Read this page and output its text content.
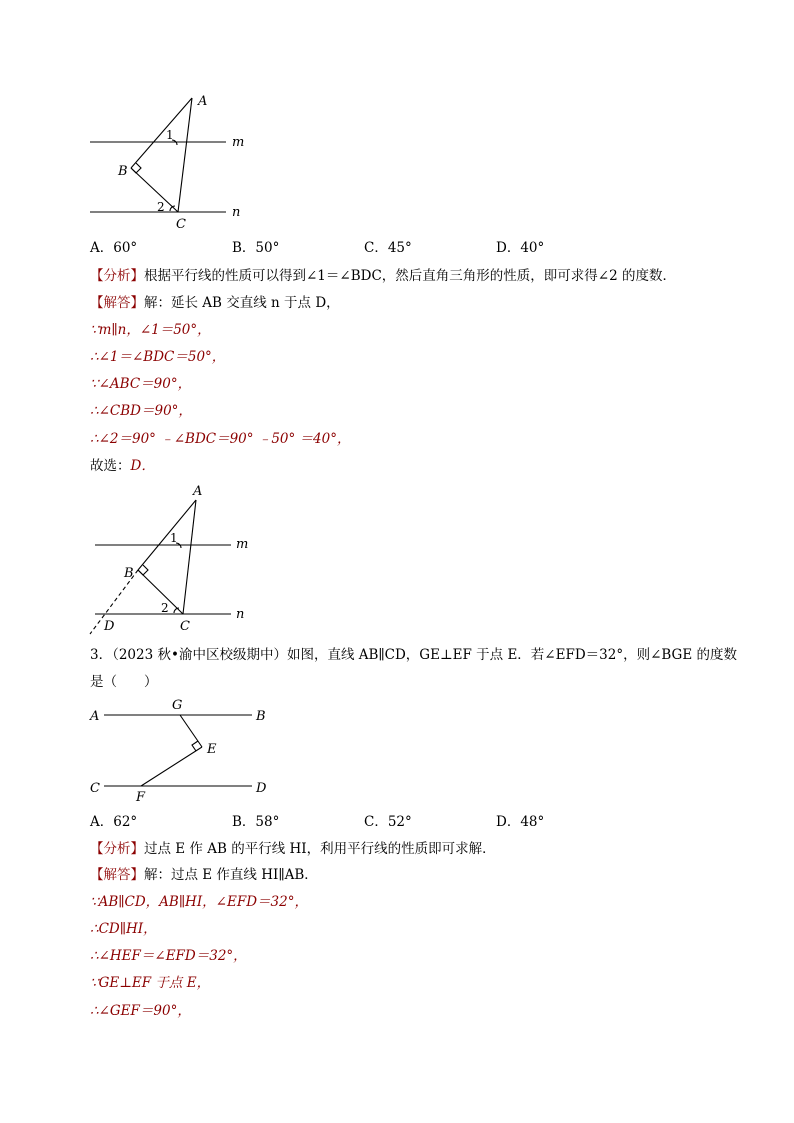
A
B
C
m
n
1
2
A．60°	B．50°	C．45°	D．40°
【分析】根据平行线的性质可以得到∠1＝∠BDC，然后直角三角形的性质，即可求得∠2 的度数．
【解答】解：延长 AB 交直线 n 于点 D，
∵m∥n，∠1＝50°，
∴∠1＝∠BDC＝50°，
∵∠ABC＝90°，
∴∠CBD＝90°，
∴∠2＝90° ﹣∠BDC＝90° ﹣50° ＝40°，
故选：D．
A
B
C
D
m
n
1
2
3．（2023 秋•渝中区校级期中）如图，直线 AB∥CD，GE⊥EF 于点 E．若∠EFD＝32°，则∠BGE 的度数
是（　　）
A	B
C	D
E
F
G
A．62°	B．58°	C．52°	D．48°
【分析】过点 E 作 AB 的平行线 HI，利用平行线的性质即可求解．
【解答】解：过点 E 作直线 HI∥AB．
∵AB∥CD，AB∥HI，∠EFD＝32°，
∴CD∥HI，
∴∠HEF＝∠EFD＝32°，
∵GE⊥EF 于点 E，
∴∠GEF＝90°，
